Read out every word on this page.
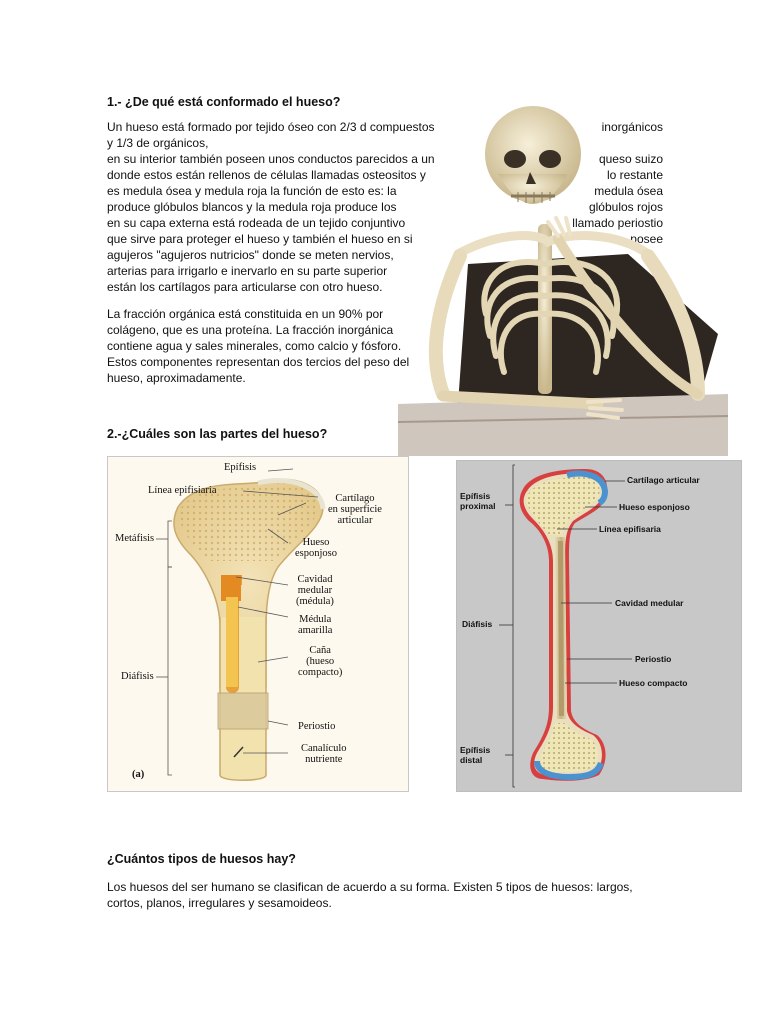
1.- ¿De qué está conformado el hueso?
Un hueso está formado por tejido óseo con 2/3 d compuestos	inorgánicos
y 1/3 de orgánicos,
en su interior también poseen unos conductos parecidos a un	queso suizo
donde estos están rellenos de células llamadas osteositos y	lo restante
es medula ósea y medula roja la función de esto es: la	medula ósea
produce glóbulos blancos y la medula roja produce los	glóbulos rojos
en su capa externa está rodeada de un tejido conjuntivo	llamado periostio
que sirve para proteger el hueso y también el hueso en si	posee
agujeros "agujeros nutricios" donde se meten nervios,
arterias para irrigarlo e inervarlo en su parte superior
están los cartílagos para articularse con otro hueso.
La fracción orgánica está constituida en un 90% por
colágeno, que es una proteína. La fracción inorgánica
contiene agua y sales minerales, como calcio y fósforo.
Estos componentes representan dos tercios del peso del
hueso, aproximadamente.
2.-¿Cuáles son las partes del hueso?
Epífisis
Línea epifisiaria
Metáfisis
Diáfisis
Cartílago
en superficie
articular
Hueso
esponjoso
Cavidad
medular
(médula)
Médula
amarilla
Caña
(hueso
compacto)
Periostio
Canalículo
nutriente
(a)
Epífisis
proximal
Diáfisis
Epífisis
distal
Cartílago articular
Hueso esponjoso
Línea epifisaria
Cavidad medular
Periostio
Hueso compacto
¿Cuántos tipos de huesos hay?
Los huesos del ser humano se clasifican de acuerdo a su forma. Existen 5 tipos de huesos: largos,
cortos, planos, irregulares y sesamoideos.
